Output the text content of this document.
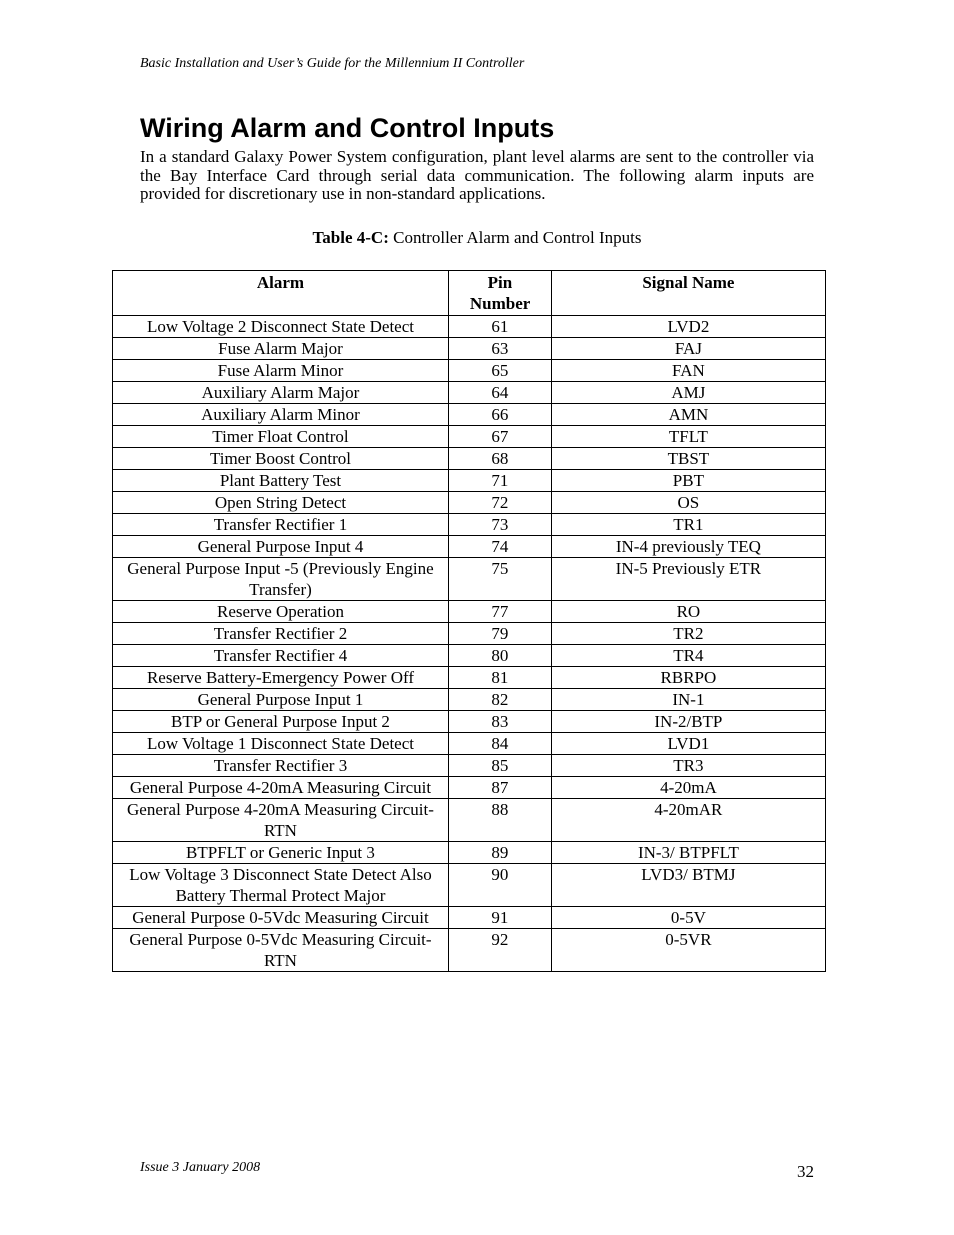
Basic Installation and User’s Guide for the Millennium II Controller
Wiring Alarm and Control Inputs

In a standard Galaxy Power System configuration, plant level alarms are sent to the controller via the Bay Interface Card through serial data communication. The following alarm inputs are provided for discretionary use in non-standard applications.

Table 4-C: Controller Alarm and Control Inputs
Alarm	Pin Number	Signal Name
Low Voltage 2 Disconnect State Detect	61	LVD2
Fuse Alarm Major	63	FAJ
Fuse Alarm Minor	65	FAN
Auxiliary Alarm Major	64	AMJ
Auxiliary Alarm Minor	66	AMN
Timer Float Control	67	TFLT
Timer Boost Control	68	TBST
Plant Battery Test	71	PBT
Open String Detect	72	OS
Transfer Rectifier 1	73	TR1
General Purpose Input 4	74	IN-4 previously TEQ
General Purpose Input -5 (Previously Engine Transfer)	75	IN-5 Previously ETR
Reserve Operation	77	RO
Transfer Rectifier 2	79	TR2
Transfer Rectifier 4	80	TR4
Reserve Battery-Emergency Power Off	81	RBRPO
General Purpose Input 1	82	IN-1
BTP or General Purpose Input 2	83	IN-2/BTP
Low Voltage 1 Disconnect State Detect	84	LVD1
Transfer Rectifier 3	85	TR3
General Purpose 4-20mA Measuring Circuit	87	4-20mA
General Purpose 4-20mA Measuring Circuit-RTN	88	4-20mAR
BTPFLT or Generic Input 3	89	IN-3/ BTPFLT
Low Voltage 3 Disconnect State Detect Also
Battery Thermal Protect Major	90	LVD3/ BTMJ
General Purpose 0-5Vdc Measuring Circuit	91	0-5V
General Purpose 0-5Vdc Measuring Circuit-RTN	92	0-5VR
Issue 3 January 2008	32
